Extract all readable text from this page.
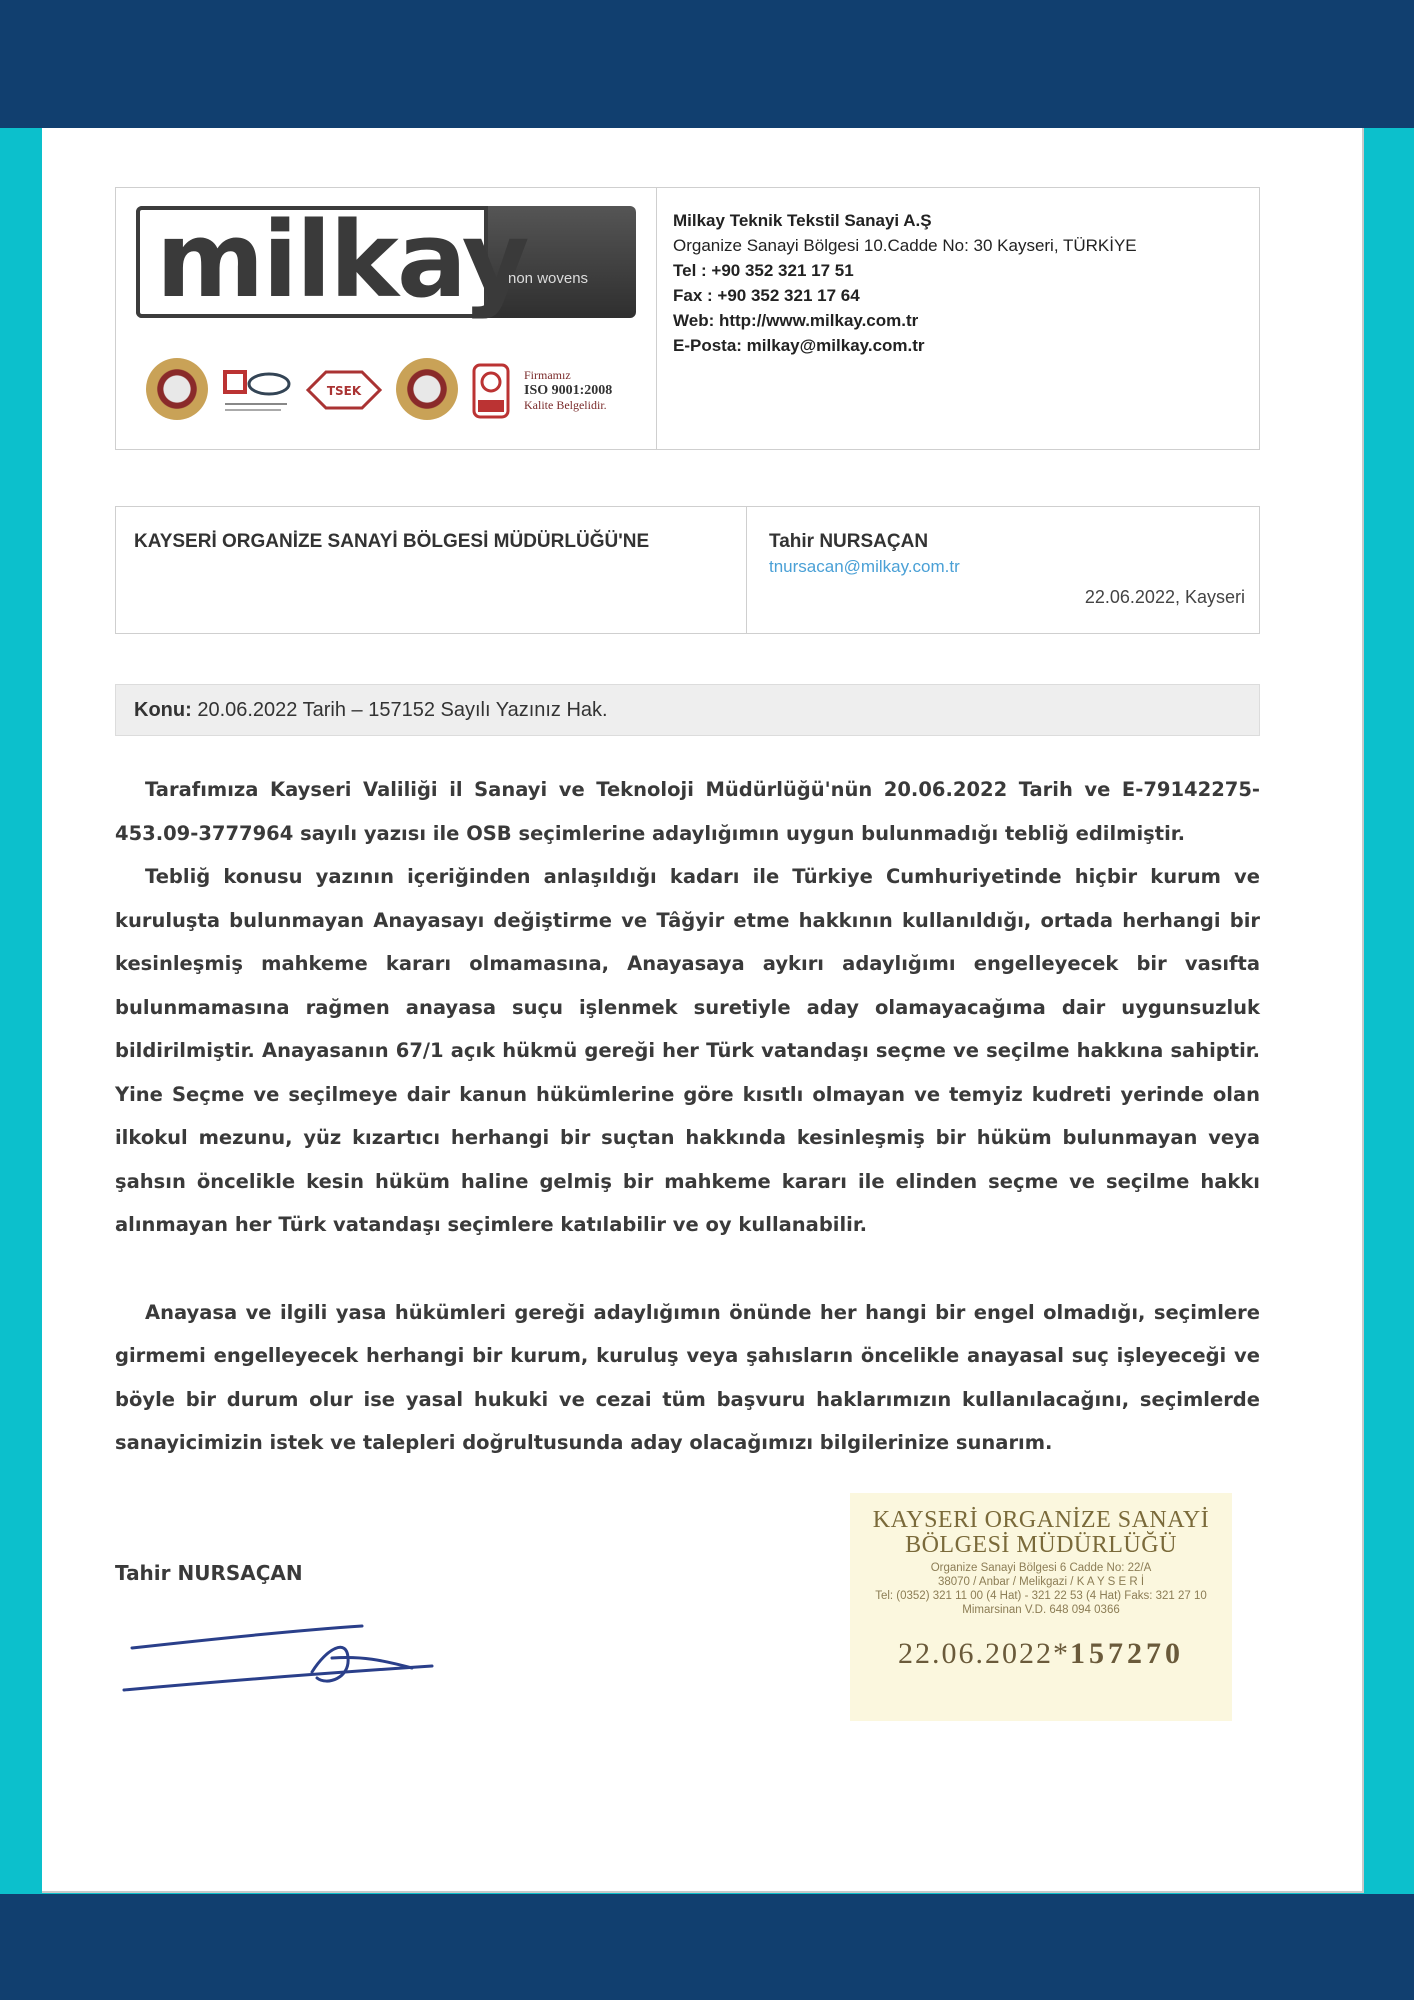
milkay
non wovens
TSEK
Firmamız
ISO 9001:2008
Kalite Belgelidir.
Milkay Teknik Tekstil Sanayi A.Ş
Organize Sanayi Bölgesi 10.Cadde No: 30 Kayseri, TÜRKİYE
Tel : +90 352 321 17 51
Fax : +90 352 321 17 64
Web: http://www.milkay.com.tr
E-Posta: milkay@milkay.com.tr
KAYSERİ ORGANİZE SANAYİ BÖLGESİ MÜDÜRLÜĞÜ'NE	Tahir NURSAÇAN
tnursacan@milkay.com.tr
22.06.2022, Kayseri
Konu: 20.06.2022 Tarih – 157152 Sayılı Yazınız Hak.

Tarafımıza Kayseri Valiliği il Sanayi ve Teknoloji Müdürlüğü'nün 20.06.2022 Tarih ve E-79142275-453.09-3777964 sayılı yazısı ile OSB seçimlerine adaylığımın uygun bulunmadığı tebliğ edilmiştir.

Tebliğ konusu yazının içeriğinden anlaşıldığı kadarı ile Türkiye Cumhuriyetinde hiçbir kurum ve kuruluşta bulunmayan Anayasayı değiştirme ve Tâğyir etme hakkının kullanıldığı, ortada herhangi bir kesinleşmiş mahkeme kararı olmamasına, Anayasaya aykırı adaylığımı engelleyecek bir vasıfta bulunmamasına rağmen anayasa suçu işlenmek suretiyle aday olamayacağıma dair uygunsuzluk bildirilmiştir. Anayasanın 67/1 açık hükmü gereği her Türk vatandaşı seçme ve seçilme hakkına sahiptir. Yine Seçme ve seçilmeye dair kanun hükümlerine göre kısıtlı olmayan ve temyiz kudreti yerinde olan ilkokul mezunu, yüz kızartıcı herhangi bir suçtan hakkında kesinleşmiş bir hüküm bulunmayan veya şahsın öncelikle kesin hüküm haline gelmiş bir mahkeme kararı ile elinden seçme ve seçilme hakkı alınmayan her Türk vatandaşı seçimlere katılabilir ve oy kullanabilir.

Anayasa ve ilgili yasa hükümleri gereği adaylığımın önünde her hangi bir engel olmadığı, seçimlere girmemi engelleyecek herhangi bir kurum, kuruluş veya şahısların öncelikle anayasal suç işleyeceği ve böyle bir durum olur ise yasal hukuki ve cezai tüm başvuru haklarımızın kullanılacağını, seçimlerde sanayicimizin istek ve talepleri doğrultusunda aday olacağımızı bilgilerinize sunarım.

Tahir NURSAÇAN
KAYSERİ ORGANİZE SANAYİ
BÖLGESİ MÜDÜRLÜĞÜ
Organize Sanayi Bölgesi 6 Cadde No: 22/A
38070 / Anbar / Melikgazi / K A Y S E R İ
Tel: (0352) 321 11 00 (4 Hat) - 321 22 53 (4 Hat) Faks: 321 27 10
Mimarsinan V.D. 648 094 0366
22.06.2022*157270
